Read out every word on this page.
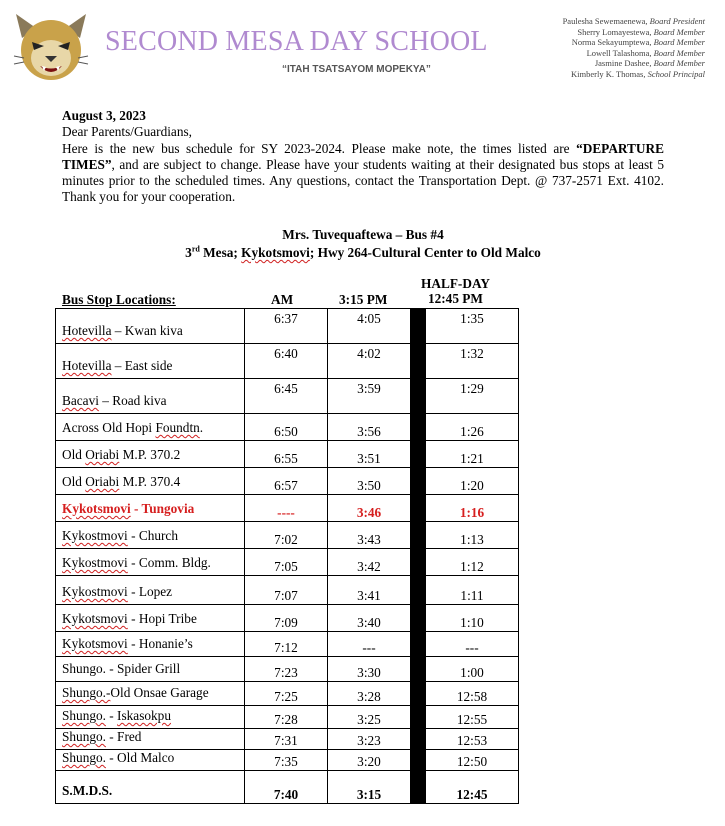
SECOND MESA DAY SCHOOL
“ITAH TSATSAYOM MOPEKYA”
Paulesha Sewemaenewa, Board President
Sherry Lomayestewa, Board Member
Norma Sekayumptewa, Board Member
Lowell Talashoma, Board Member
Jasmine Dashee, Board Member
Kimberly K. Thomas, School Principal
August 3, 2023
Dear Parents/Guardians,
Here is the new bus schedule for SY 2023-2024. Please make note, the times listed are “DEPARTURE TIMES”, and are subject to change. Please have your students waiting at their designated bus stops at least 5 minutes prior to the scheduled times. Any questions, contact the Transportation Dept. @ 737-2571 Ext. 4102. Thank you for your cooperation.
Mrs. Tuvequaftewa – Bus #4
3rd Mesa; Kykotsmovi; Hwy 264-Cultural Center to Old Malco
Bus Stop Locations:	AM	3:15 PM
HALF-DAY
12:45 PM
Hotevilla – Kwan kiva	6:37	4:05		1:35
Hotevilla – East side	6:40	4:02		1:32
Bacavi – Road kiva	6:45	3:59		1:29
Across Old Hopi Foundtn.	6:50	3:56		1:26
Old Oriabi M.P. 370.2	6:55	3:51		1:21
Old Oriabi M.P. 370.4	6:57	3:50		1:20
Kykotsmovi - Tungovia	----	3:46		1:16
Kykostmovi - Church	7:02	3:43		1:13
Kykostmovi - Comm. Bldg.	7:05	3:42		1:12
Kykostmovi - Lopez	7:07	3:41		1:11
Kykotsmovi - Hopi Tribe	7:09	3:40		1:10
Kykotsmovi - Honanie’s	7:12	---		---
Shungo. - Spider Grill	7:23	3:30		1:00
Shungo.-Old Onsae Garage	7:25	3:28		12:58
Shungo. - Iskasokpu	7:28	3:25		12:55
Shungo. - Fred	7:31	3:23		12:53
Shungo. - Old Malco	7:35	3:20		12:50
S.M.D.S.	7:40	3:15		12:45
